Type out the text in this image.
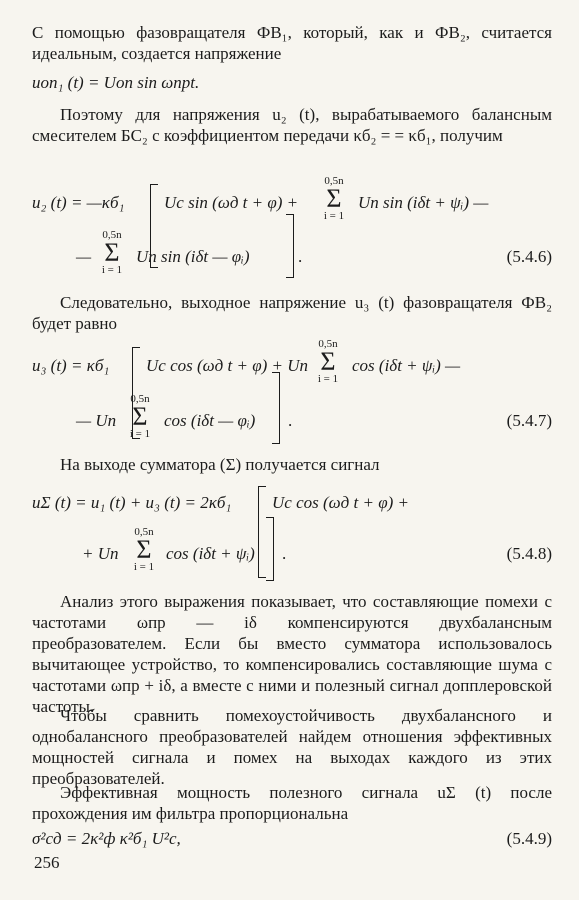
С помощью фазовращателя ФВ₁, который, как и ФВ₂, считается идеальным, создается напряжение
uоп₁ (t) = Uоп sin ωпрt.
Поэтому для напряжения u₂ (t), вырабатываемого балансным смесителем БС₂ с коэффициентом передачи κб₂ = = κб₁, получим
u₂ (t) = —κб₁ Uс sin (ωд t + φ) +
0,5n
Σ
i = 1
Uп sin (iδt + ψᵢ) —
—
0,5n
Σ
i = 1
Uп sin (iδt — φᵢ)	.	(5.4.6)
Следовательно, выходное напряжение u₃ (t) фазовращателя ФВ₂ будет равно
u₃ (t) = κб₁ Uс cos (ωд t + φ) + Uп
0,5n
Σ
i = 1
cos (iδt + ψᵢ) —
— Uп
0,5n
Σ
i = 1
cos (iδt — φᵢ) .	(5.4.7)
На выходе сумматора (Σ) получается сигнал
uΣ (t) = u₁ (t) + u₃ (t) = 2κб₁ Uс cos (ωд t + φ) +
+ Uп
0,5n
Σ
i = 1
cos (iδt + ψᵢ) .	(5.4.8)
Анализ этого выражения показывает, что составляющие помехи с частотами ωпр — iδ компенсируются двухбалансным преобразователем. Если бы вместо сумматора использовалось вычитающее устройство, то компенсировались составляющие шума с частотами ωпр + iδ, а вместе с ними и полезный сигнал допплеровской частоты.
Чтобы сравнить помехоустойчивость двухбалансного и однобалансного преобразователей найдем отношения эффективных мощностей сигнала и помех на выходах каждого из этих преобразователей.
Эффективная мощность полезного сигнала uΣ (t) после прохождения им фильтра пропорциональна
σ²сд = 2κ²ф κ²б₁ U²с,	(5.4.9)
256
